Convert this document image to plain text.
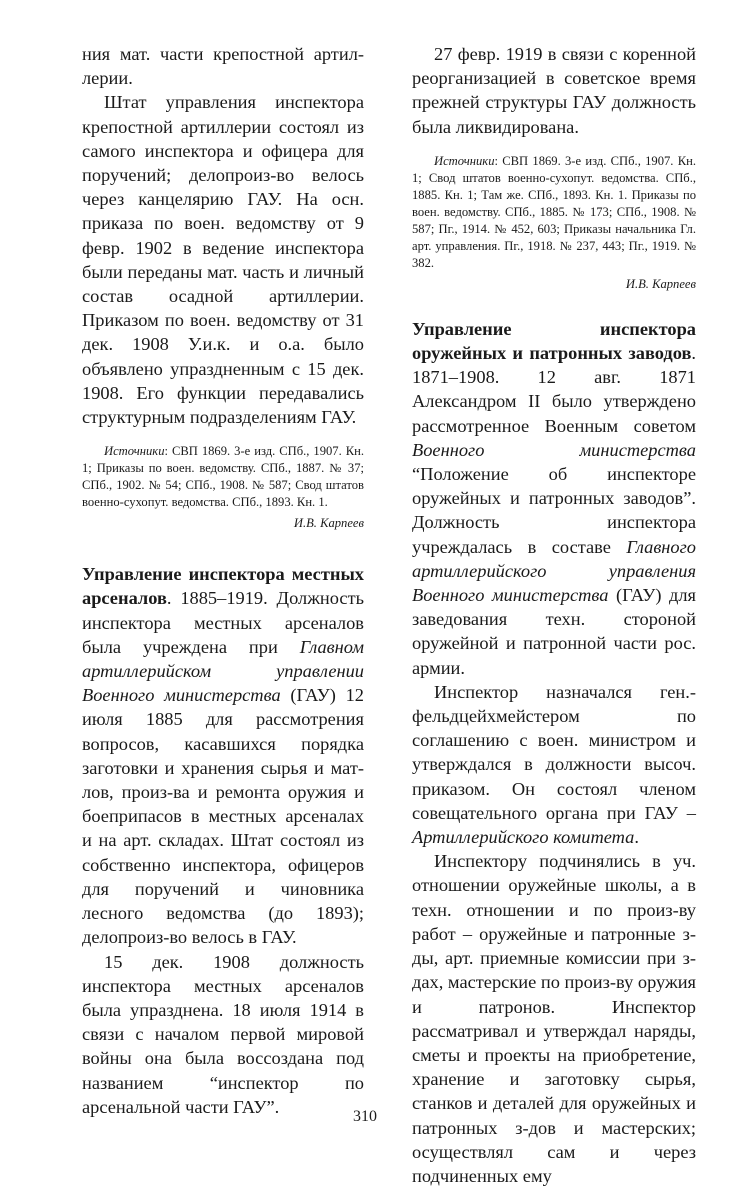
ния мат. части крепостной артил-лерии.

Штат управления инспектора крепостной артиллерии состоял из самого инспектора и офицера для поручений; делопроиз-во велось через канцелярию ГАУ. На осн. приказа по воен. ведомству от 9 февр. 1902 в ведение инспектора были переданы мат. часть и личный состав осадной артиллерии. Приказом по воен. ведомству от 31 дек. 1908 У.и.к. и о.а. было объявлено упраздненным с 15 дек. 1908. Его функции передавались структурным подразделениям ГАУ.

Источники: СВП 1869. 3-е изд. СПб., 1907. Кн. 1; Приказы по воен. ведомству. СПб., 1887. № 37; СПб., 1902. № 54; СПб., 1908. № 587; Свод штатов военно-сухопут. ведомства. СПб., 1893. Кн. 1.

И.В. Карпеев

Управление инспектора местных арсеналов. 1885–1919. Должность инспектора местных арсеналов была учреждена при Главном артиллерийском управлении Военного министерства (ГАУ) 12 июля 1885 для рассмотрения вопросов, касавшихся порядка заготовки и хранения сырья и мат-лов, произ-ва и ремонта оружия и боеприпасов в местных арсеналах и на арт. складах. Штат состоял из собственно инспектора, офицеров для поручений и чиновника лесного ведомства (до 1893); делопроиз-во велось в ГАУ.

15 дек. 1908 должность инспектора местных арсеналов была упразднена. 18 июля 1914 в связи с началом первой мировой войны она была воссоздана под названием “инспектор по арсенальной части ГАУ”.

27 февр. 1919 в связи с коренной реорганизацией в советское время прежней структуры ГАУ должность была ликвидирована.

Источники: СВП 1869. 3-е изд. СПб., 1907. Кн. 1; Свод штатов военно-сухопут. ведомства. СПб., 1885. Кн. 1; Там же. СПб., 1893. Кн. 1. Приказы по воен. ведомству. СПб., 1885. № 173; СПб., 1908. № 587; Пг., 1914. № 452, 603; Приказы начальника Гл. арт. управления. Пг., 1918. № 237, 443; Пг., 1919. № 382.

И.В. Карпеев

Управление инспектора оружейных и патронных заводов. 1871–1908. 12 авг. 1871 Александром II было утверждено рассмотренное Военным советом Военного министерства “Положение об инспекторе оружейных и патронных заводов”. Должность инспектора учреждалась в составе Главного артиллерийского управления Военного министерства (ГАУ) для заведования техн. стороной оружейной и патронной части рос. армии.

Инспектор назначался ген.-фельдцейхмейстером по соглашению с воен. министром и утверждался в должности высоч. приказом. Он состоял членом совещательного органа при ГАУ – Артиллерийского комитета.

Инспектору подчинялись в уч. отношении оружейные школы, а в техн. отношении и по произ-ву работ – оружейные и патронные з-ды, арт. приемные комиссии при з-дах, мастерские по произ-ву оружия и патронов. Инспектор рассматривал и утверждал наряды, сметы и проекты на приобретение, хранение и заготовку сырья, станков и деталей для оружейных и патронных з-дов и мастерских; осуществлял сам и через подчиненных ему

310
